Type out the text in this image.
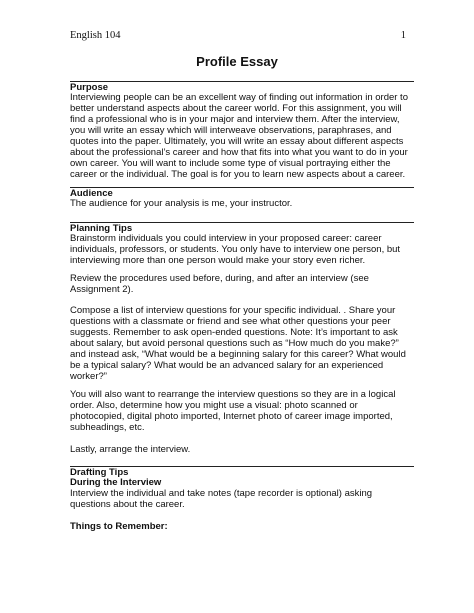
English 104	1
Profile Essay
Purpose
Interviewing people can be an excellent way of finding out information in order to
better understand aspects about the career world. For this assignment, you will
find a professional who is in your major and interview them. After the interview,
you will write an essay which will interweave observations, paraphrases, and
quotes into the paper. Ultimately, you will write an essay about different aspects
about the professional’s career and how that fits into what you want to do in your
own career. You will want to include some type of visual portraying either the
career or the individual. The goal is for you to learn new aspects about a career.
Audience
The audience for your analysis is me, your instructor.
Planning Tips
Brainstorm individuals you could interview in your proposed career: career
individuals, professors, or students. You only have to interview one person, but
interviewing more than one person would make your story even richer.
Review the procedures used before, during, and after an interview (see
Assignment 2).
Compose a list of interview questions for your specific individual. . Share your
questions with a classmate or friend and see what other questions your peer
suggests. Remember to ask open-ended questions. Note: It’s important to ask
about salary, but avoid personal questions such as “How much do you make?”
and instead ask, “What would be a beginning salary for this career? What would
be a typical salary? What would be an advanced salary for an experienced
worker?”
You will also want to rearrange the interview questions so they are in a logical
order. Also, determine how you might use a visual: photo scanned or
photocopied, digital photo imported, Internet photo of career image imported,
subheadings, etc.
Lastly, arrange the interview.
Drafting Tips
During the Interview
Interview the individual and take notes (tape recorder is optional) asking
questions about the career.
Things to Remember:
